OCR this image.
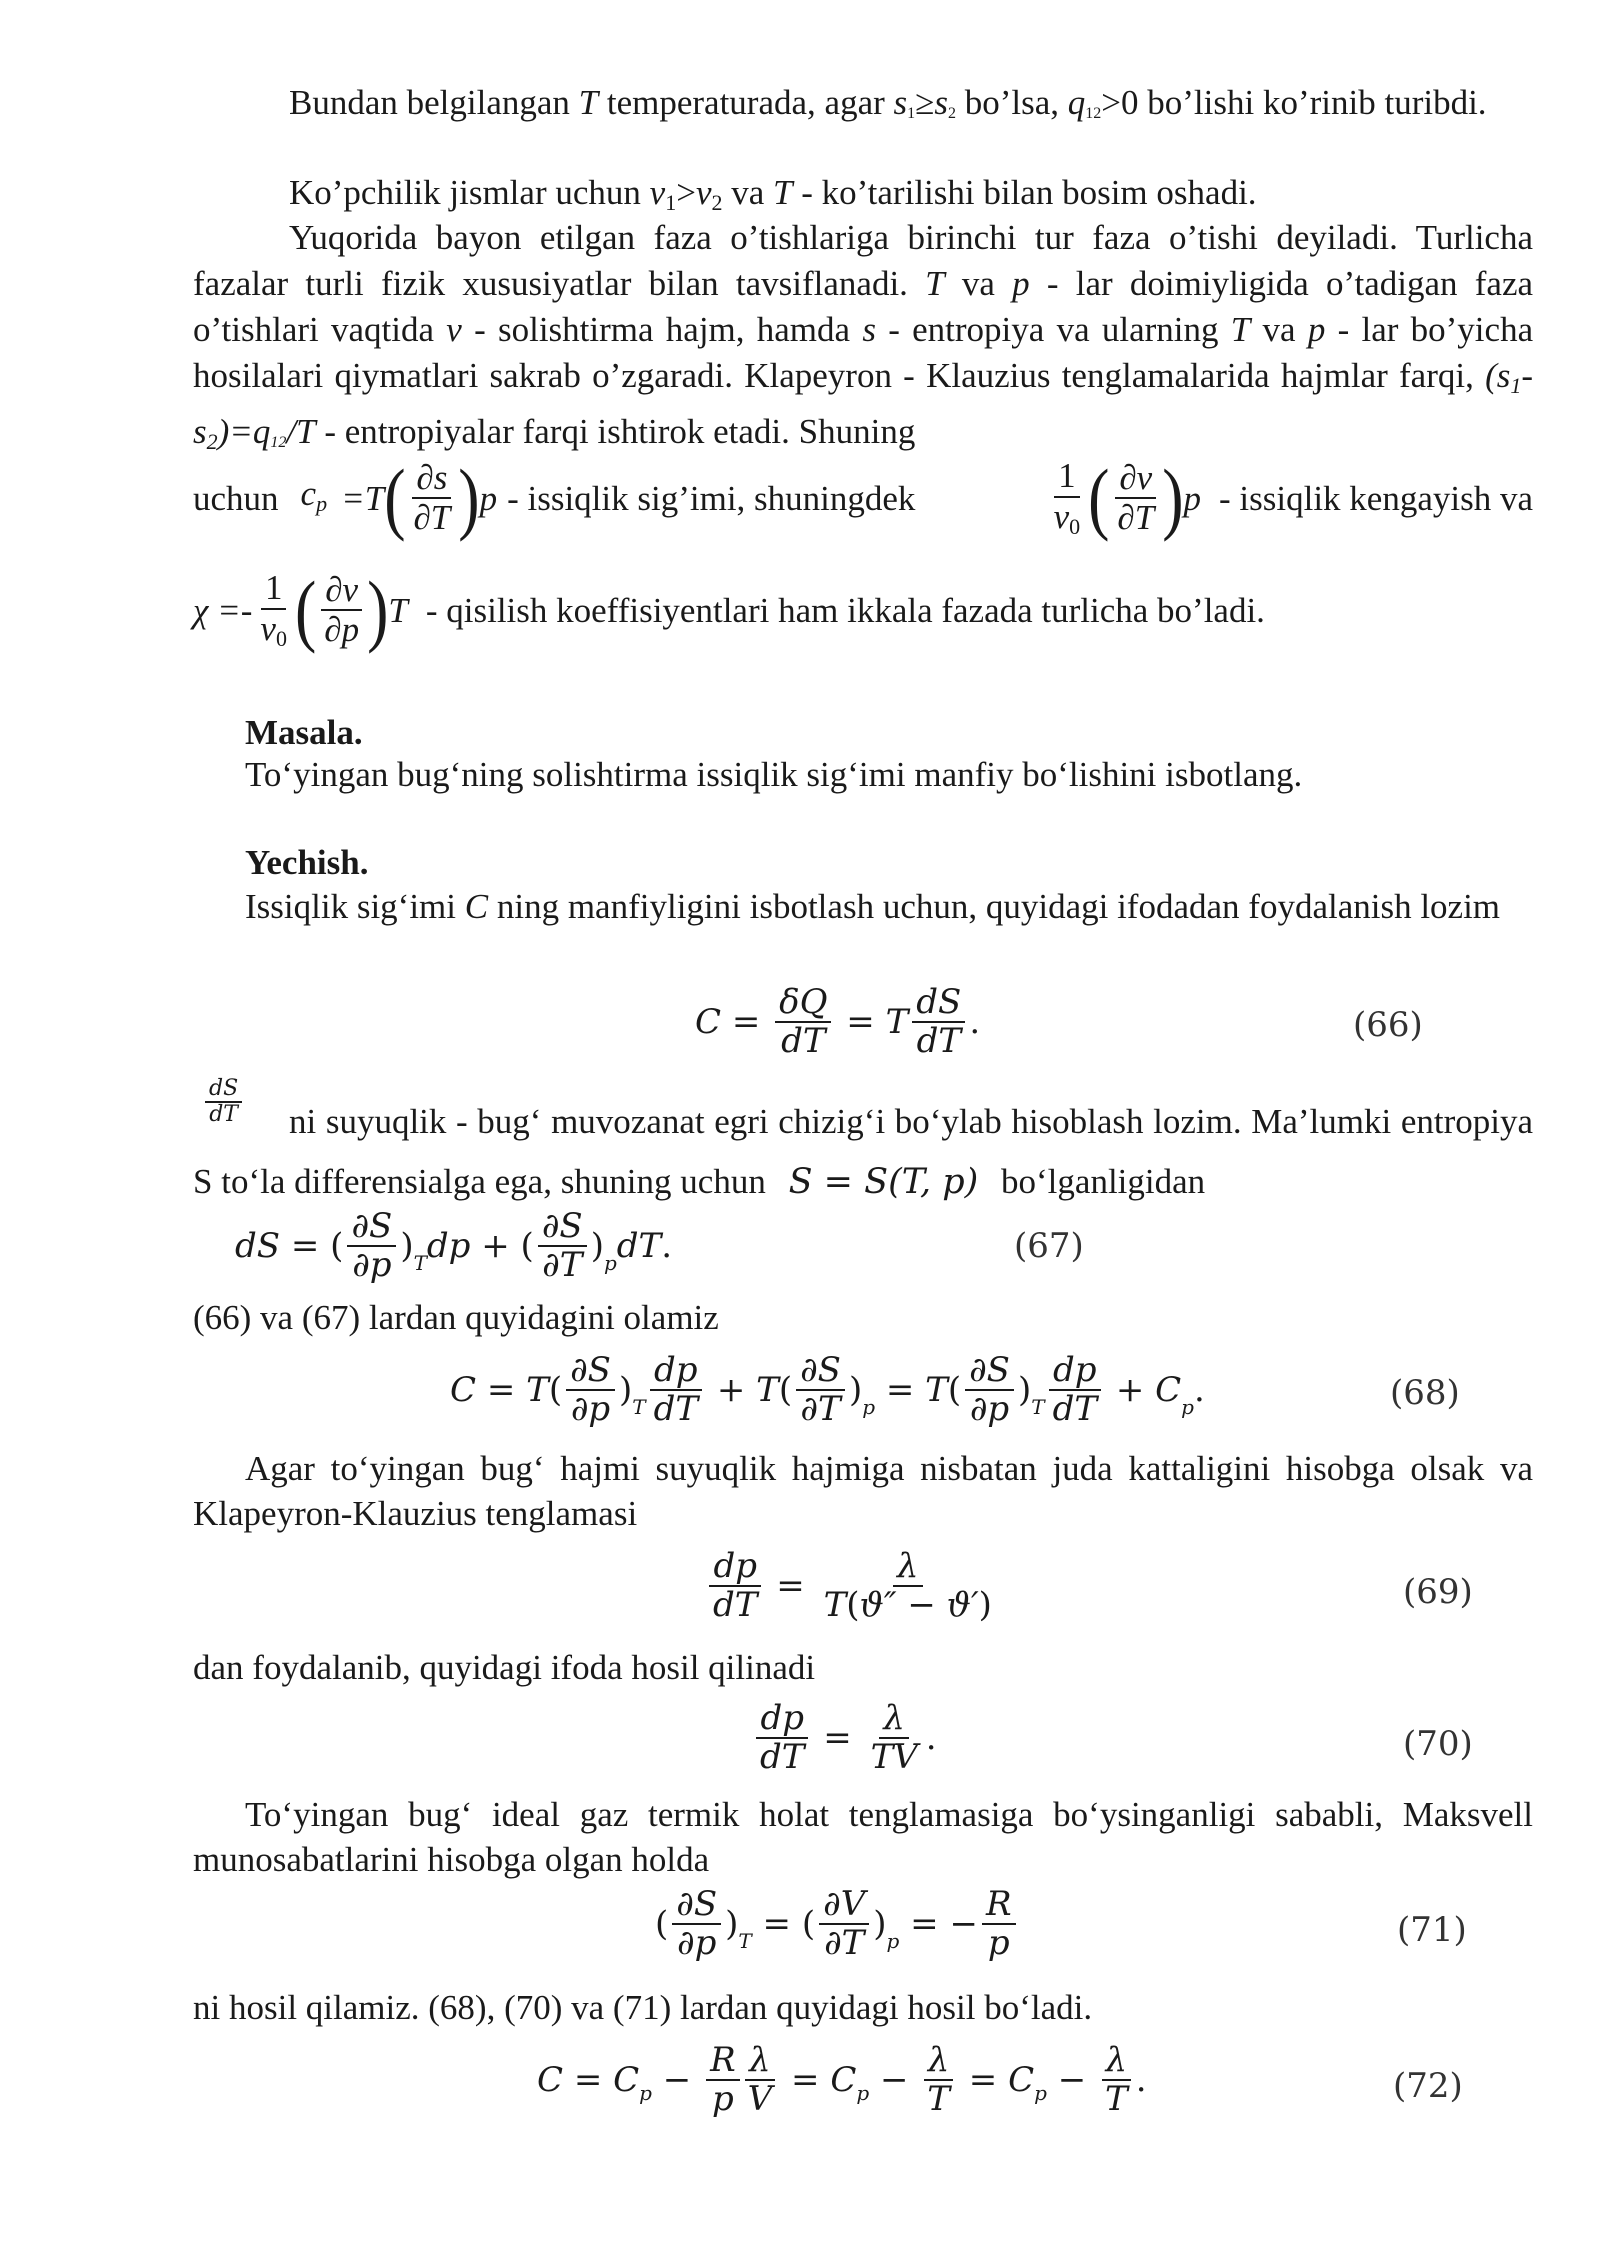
Bundan belgilangan T temperaturada, agar $s_1\ge s_2$ bo’lsa, $q_{12}>0$ bo’lishi ko’rinib turibdi.
Ko’pchilik jismlar uchun v1>v2 va T - ko’tarilishi bilan bosim oshadi.
Yuqorida bayon etilgan faza o’tishlariga birinchi tur faza o’tishi deyiladi. Turlicha fazalar turli fizik xususiyatlar bilan tavsiflanadi. T va p - lar doimiyligida o’tadigan faza o’tishlari vaqtida v - solishtirma hajm, hamda s - entropiya va ularning T va p - lar bo’yicha hosilalari qiymatlari sakrab o’zgaradi. Klapeyron - Klauzius tenglamalarida hajmlar farqi, $(s1-s2)=q_{12}/T$ - entropiyalar farqi ishtirok etadi. Shuning
uchun cp =T ( $\frac{\partial s}{\partial T}$ ) p - issiqlik sig’imi, shuningdek	$\frac{1}{v0}$ ( $\frac{\partial v}{\partial T}$ ) p - issiqlik kengayish va
$\chi =- \frac{1}{v0}$ ( $\frac{\partial v}{\partial p}$ ) T - qisilish koeffisiyentlari ham ikkala fazada turlicha bo’ladi.
Masala.
To‘yingan bug‘ning solishtirma issiqlik sig‘imi manfiy bo‘lishini isbotlang.
Yechish.
Issiqlik sig‘imi C ning manfiyligini isbotlash uchun, quyidagi ifodadan foydalanish lozim
$C = \frac{\delta Q}{dT} = T \frac{dS}{dT}$ .	(66)
$\frac{dS}{dT}$	ni suyuqlik - bug‘ muvozanat egri chizig‘i bo‘ylab hisoblash lozim. Ma’lumki entropiya S to‘la differensialga ega, shuning uchun S = S(T, p) bo‘lganligidan
dS = ( $\frac{\partial S}{\partial p}$ ) T dp + ( $\frac{\partial S}{\partial T}$ ) p dT .	(67)
(66) va (67) lardan quyidagini olamiz
C = T ( $\frac{\partial S}{\partial p}$ ) T $\frac{dp}{dT} + T$ ( $\frac{\partial S}{\partial T}$ ) p = T ( $\frac{\partial S}{\partial p}$ ) T $\frac{dp}{dT} + C$ p .	(68)
Agar to‘yingan bug‘ hajmi suyuqlik hajmiga nisbatan juda kattaligini hisobga olsak va Klapeyron-Klauzius tenglamasi
$\frac{dp}{dT} = \frac{\lambda}{T(ϑ'' - ϑ')}$	(69)
dan foydalanib, quyidagi ifoda hosil qilinadi
$\frac{dp}{dT} = \frac{\lambda}{TV}$ .	(70)
To‘yingan bug‘ ideal gaz termik holat tenglamasiga bo‘ysinganligi sababli, Maksvell munosabatlarini hisobga olgan holda
( $\frac{\partial S}{\partial p}$ ) T = ( $\frac{\partial V}{\partial T}$ ) p = − $\frac{R}{p}$	(71)
ni hosil qilamiz. (68), (70) va (71) lardan quyidagi hosil bo‘ladi.
C = C $p - \frac{R}{p} \frac{\lambda}{V} = C$ $p - \frac{\lambda}{T} = C$ $p - \frac{\lambda}{T}$ .	(72)
